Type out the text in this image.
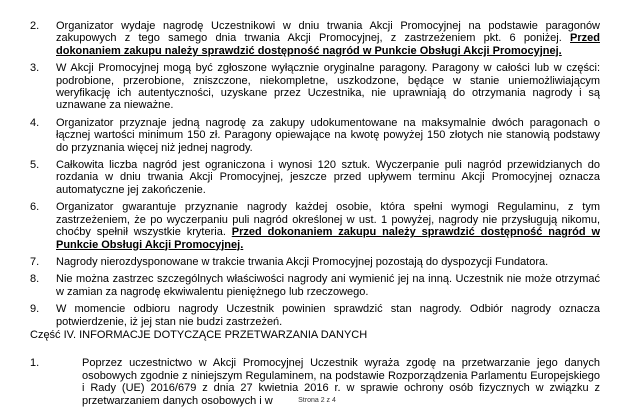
2. Organizator wydaje nagrodę Uczestnikowi w dniu trwania Akcji Promocyjnej na podstawie paragonów zakupowych z tego samego dnia trwania Akcji Promocyjnej, z zastrzeżeniem pkt. 6 poniżej. Przed dokonaniem zakupu należy sprawdzić dostępność nagród w Punkcie Obsługi Akcji Promocyjnej.
3. W Akcji Promocyjnej mogą być zgłoszone wyłącznie oryginalne paragony. Paragony w całości lub w części: podrobione, przerobione, zniszczone, niekompletne, uszkodzone, będące w stanie uniemożliwiającym weryfikację ich autentyczności, uzyskane przez Uczestnika, nie uprawniają do otrzymania nagrody i są uznawane za nieważne.
4. Organizator przyznaje jedną nagrodę za zakupy udokumentowane na maksymalnie dwóch paragonach o łącznej wartości minimum 150 zł. Paragony opiewające na kwotę powyżej 150 złotych nie stanowią podstawy do przyznania więcej niż jednej nagrody.
5. Całkowita liczba nagród jest ograniczona i wynosi 120 sztuk. Wyczerpanie puli nagród przewidzianych do rozdania w dniu trwania Akcji Promocyjnej, jeszcze przed upływem terminu Akcji Promocyjnej oznacza automatyczne jej zakończenie.
6. Organizator gwarantuje przyznanie nagrody każdej osobie, która spełni wymogi Regulaminu, z tym zastrzeżeniem, że po wyczerpaniu puli nagród określonej w ust. 1 powyżej, nagrody nie przysługują nikomu, choćby spełnił wszystkie kryteria. Przed dokonaniem zakupu należy sprawdzić dostępność nagród w Punkcie Obsługi Akcji Promocyjnej.
7. Nagrody nierozdysponowane w trakcie trwania Akcji Promocyjnej pozostają do dyspozycji Fundatora.
8. Nie można zastrzec szczególnych właściwości nagrody ani wymienić jej na inną. Uczestnik nie może otrzymać w zamian za nagrodę ekwiwalentu pieniężnego lub rzeczowego.
9. W momencie odbioru nagrody Uczestnik powinien sprawdzić stan nagrody. Odbiór nagrody oznacza potwierdzenie, iż jej stan nie budzi zastrzeżeń.
Część IV. INFORMACJE DOTYCZĄCE PRZETWARZANIA DANYCH
1.	Poprzez uczestnictwo w Akcji Promocyjnej Uczestnik wyraża zgodę na przetwarzanie jego danych osobowych zgodnie z niniejszym Regulaminem, na podstawie Rozporządzenia Parlamentu Europejskiego i Rady (UE) 2016/679 z dnia 27 kwietnia 2016 r. w sprawie ochrony osób fizycznych w związku z przetwarzaniem danych osobowych i w	Strona 2 z 4
